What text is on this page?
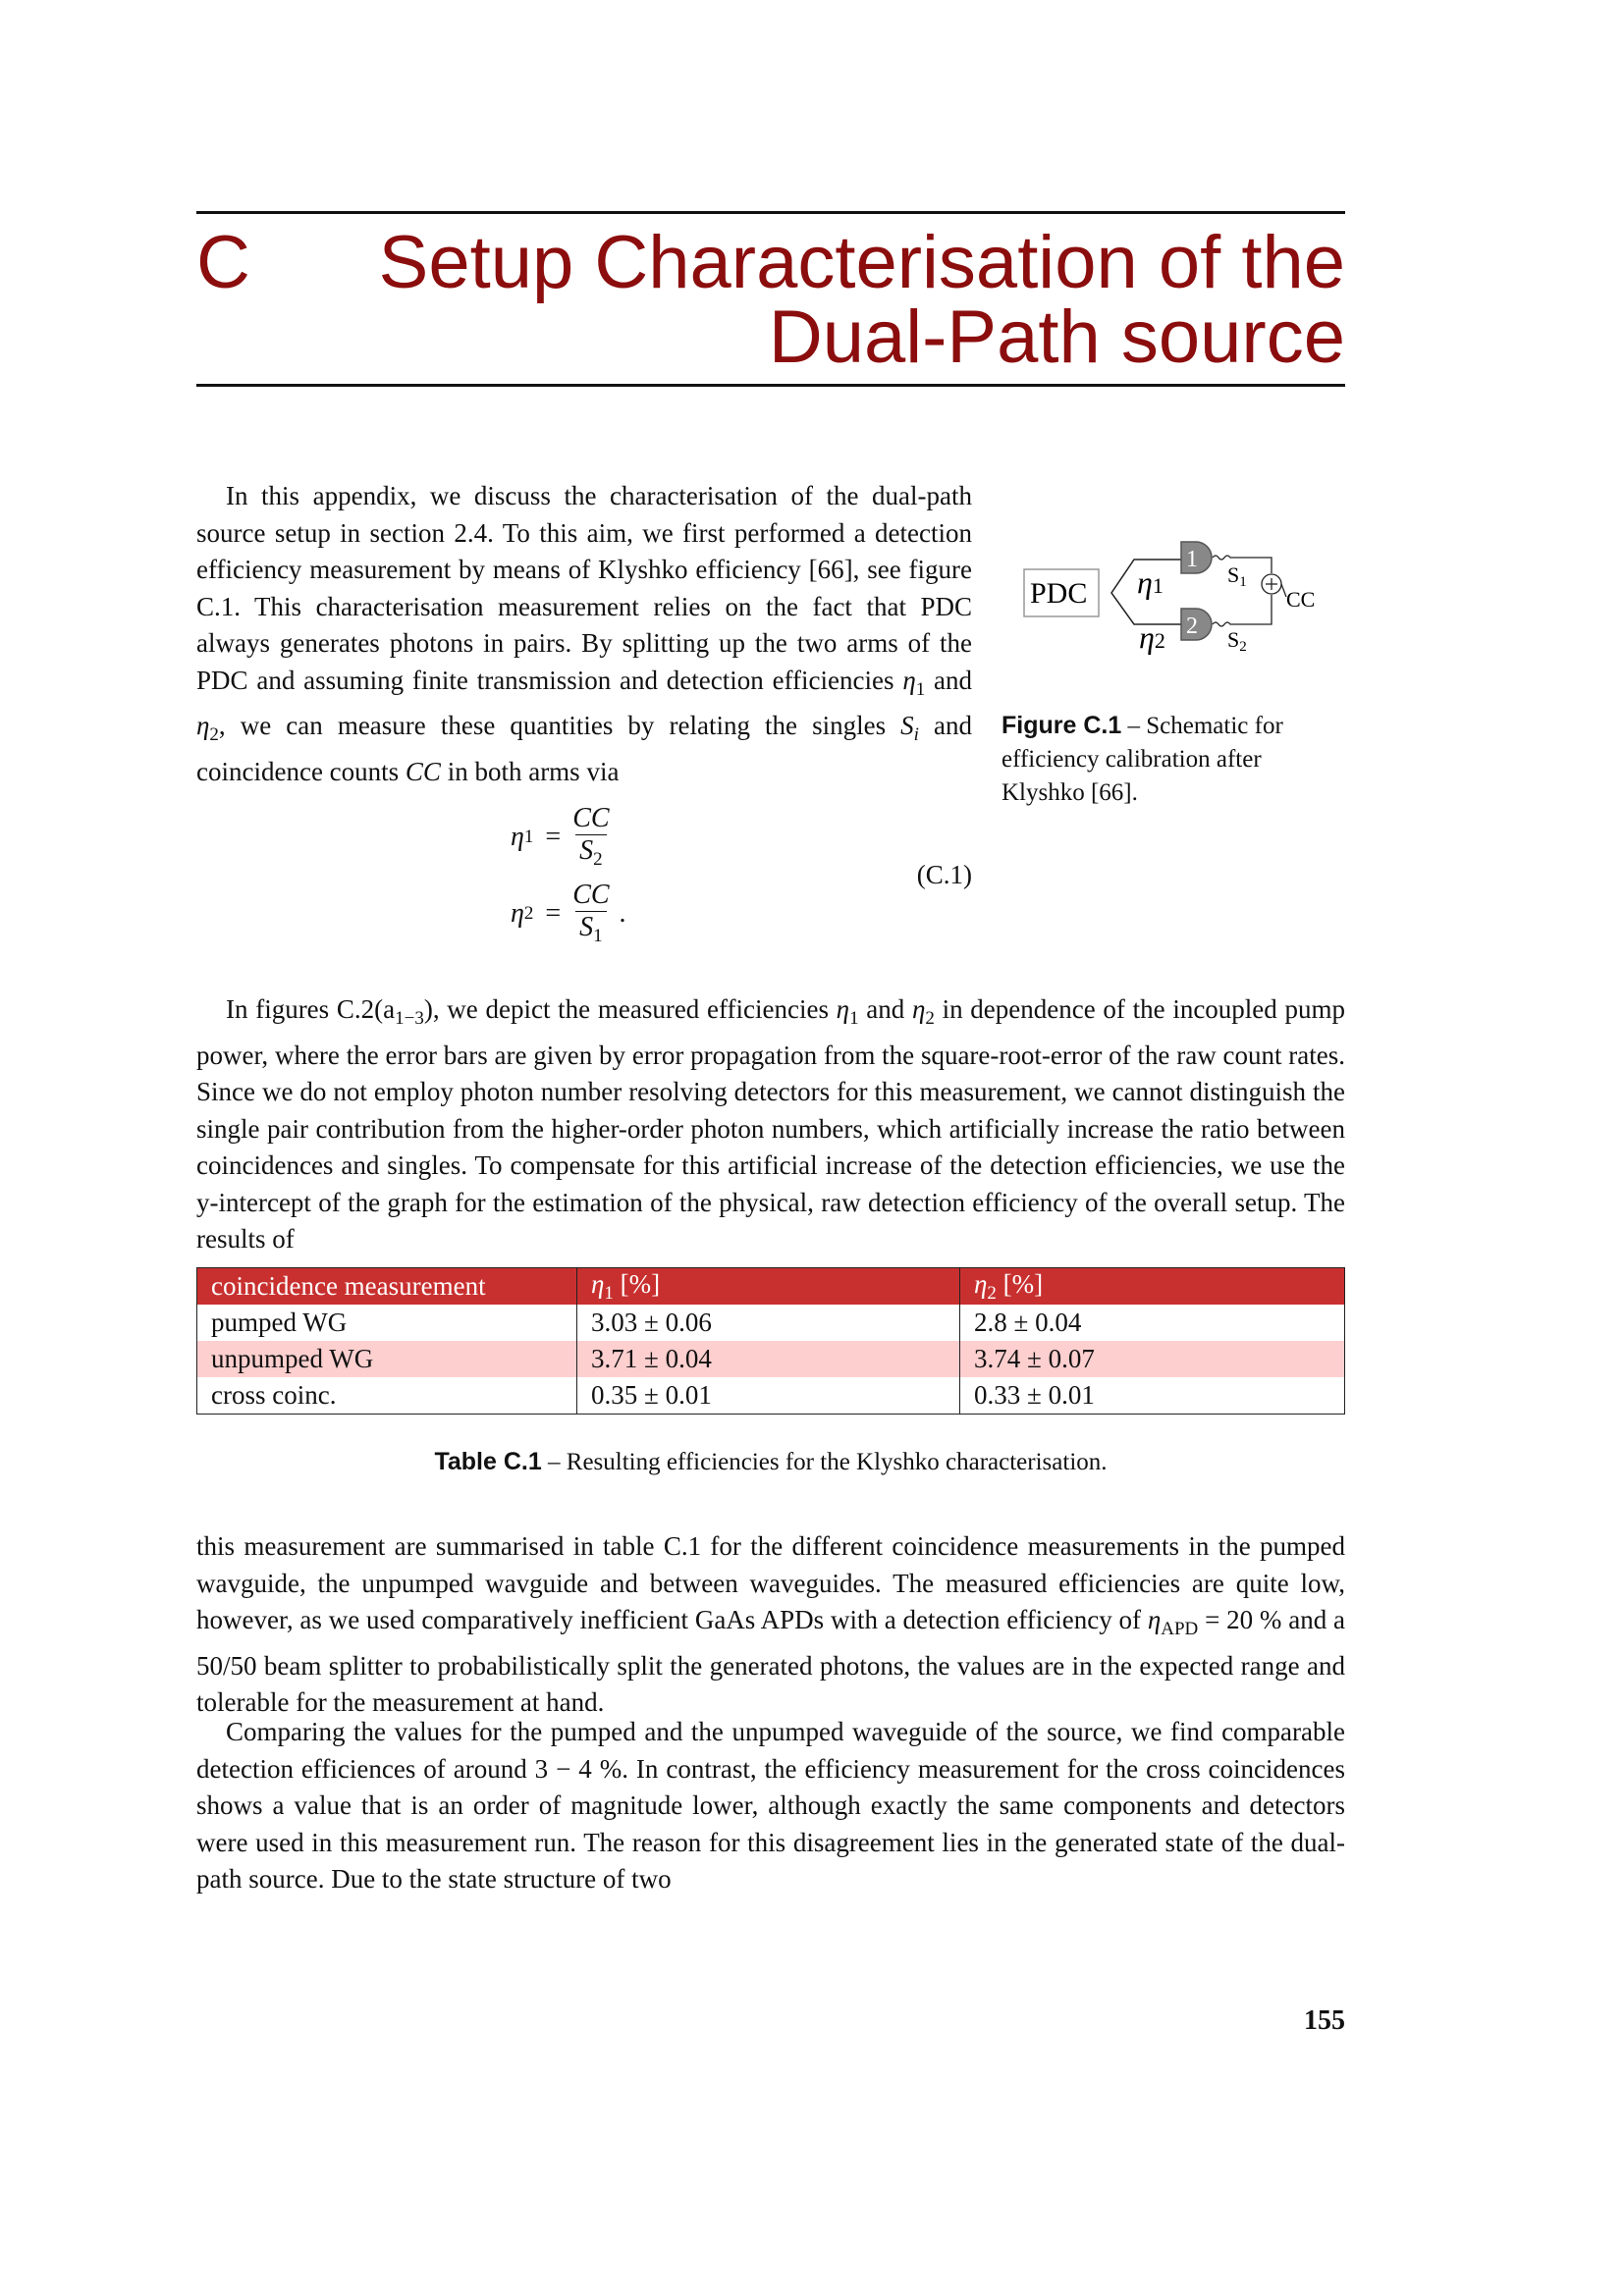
C Setup Characterisation of the
Dual-Path source

In this appendix, we discuss the characterisation of the dual-path source setup in section 2.4. To this aim, we first performed a detection efficiency measurement by means of Klyshko efficiency [66], see figure C.1. This characterisation measurement relies on the fact that PDC always generates photons in pairs. By splitting up the two arms of the PDC and assuming finite transmission and detection efficiencies $\eta_1$ and $\eta_2$, we can measure these quantities by relating the singles $S_i$ and coincidence counts CC in both arms via

η $1 = \frac{CC}{S_2}$
η $2 = \frac{CC}{S_1}$ .
(C.1)
PDC η1
η2
1
2
S1
S2
CC
Figure C.1 – Schematic for efficiency calibration after Klyshko [66].

In figures $C.2(a_{1-3})$, we depict the measured efficiencies $\eta_1$ and $\eta_2$ in dependence of the incoupled pump power, where the error bars are given by error propagation from the square-root-error of the raw count rates. Since we do not employ photon number resolving detectors for this measurement, we cannot distinguish the single pair contribution from the higher-order photon numbers, which artificially increase the ratio between coincidences and singles. To compensate for this artificial increase of the detection efficiencies, we use the y-intercept of the graph for the estimation of the physical, raw detection efficiency of the overall setup. The results of

coincidence measurement	$\eta_1$ [%]	$\eta_2$ [%]
pumped WG	3.03 ± 0.06	2.8 ± 0.04
unpumped WG	3.71 ± 0.04	3.74 ± 0.07
cross coinc.	0.35 ± 0.01	0.33 ± 0.01
Table C.1 – Resulting efficiencies for the Klyshko characterisation.

this measurement are summarised in table C.1 for the different coincidence measurements in the pumped wavguide, the unpumped wavguide and between waveguides. The measured efficiencies are quite low, however, as we used comparatively inefficient GaAs APDs with a detection efficiency of $\eta_{APD} = 20$ % and a 50/50 beam splitter to probabilistically split the generated photons, the values are in the expected range and tolerable for the measurement at hand.

Comparing the values for the pumped and the unpumped waveguide of the source, we find comparable detection efficiences of around 3 − 4 %. In contrast, the efficiency measurement for the cross coincidences shows a value that is an order of magnitude lower, although exactly the same components and detectors were used in this measurement run. The reason for this disagreement lies in the generated state of the dual-path source. Due to the state structure of two

155
